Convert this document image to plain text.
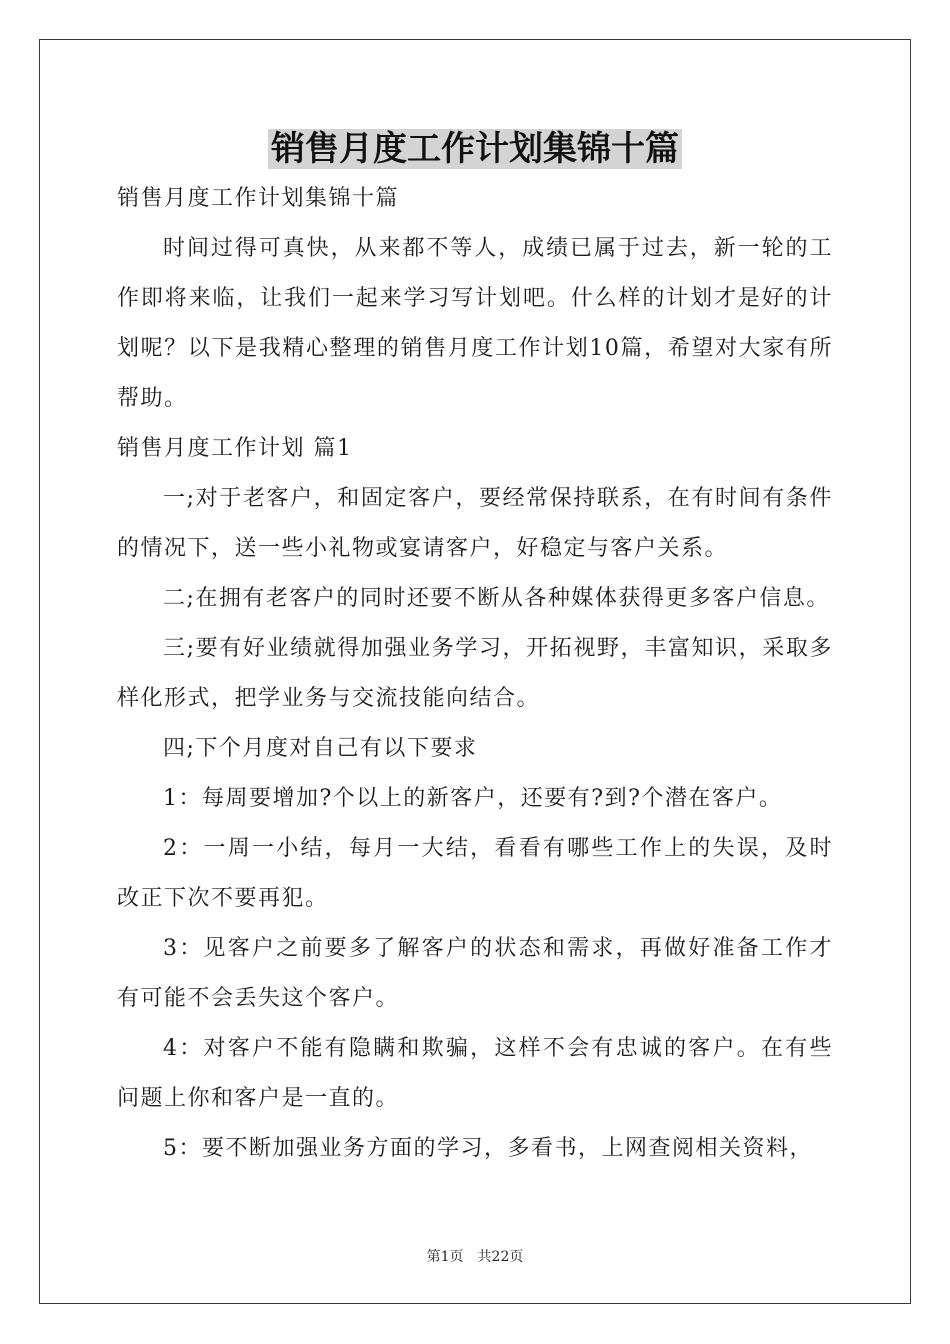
销售月度工作计划集锦十篇

销售月度工作计划集锦十篇

时间过得可真快，从来都不等人，成绩已属于过去，新一轮的工作即将来临，让我们一起来学习写计划吧。什么样的计划才是好的计划呢？以下是我精心整理的销售月度工作计划10篇，希望对大家有所帮助。

销售月度工作计划 篇1

一;对于老客户，和固定客户，要经常保持联系，在有时间有条件的情况下，送一些小礼物或宴请客户，好稳定与客户关系。

二;在拥有老客户的同时还要不断从各种媒体获得更多客户信息。

三;要有好业绩就得加强业务学习，开拓视野，丰富知识，采取多样化形式，把学业务与交流技能向结合。

四;下个月度对自己有以下要求

1：每周要增加?个以上的新客户，还要有?到?个潜在客户。

2：一周一小结，每月一大结，看看有哪些工作上的失误，及时改正下次不要再犯。

3：见客户之前要多了解客户的状态和需求，再做好准备工作才有可能不会丢失这个客户。

4：对客户不能有隐瞒和欺骗，这样不会有忠诚的客户。在有些问题上你和客户是一直的。

5：要不断加强业务方面的学习，多看书，上网查阅相关资料，

第1页　共22页
